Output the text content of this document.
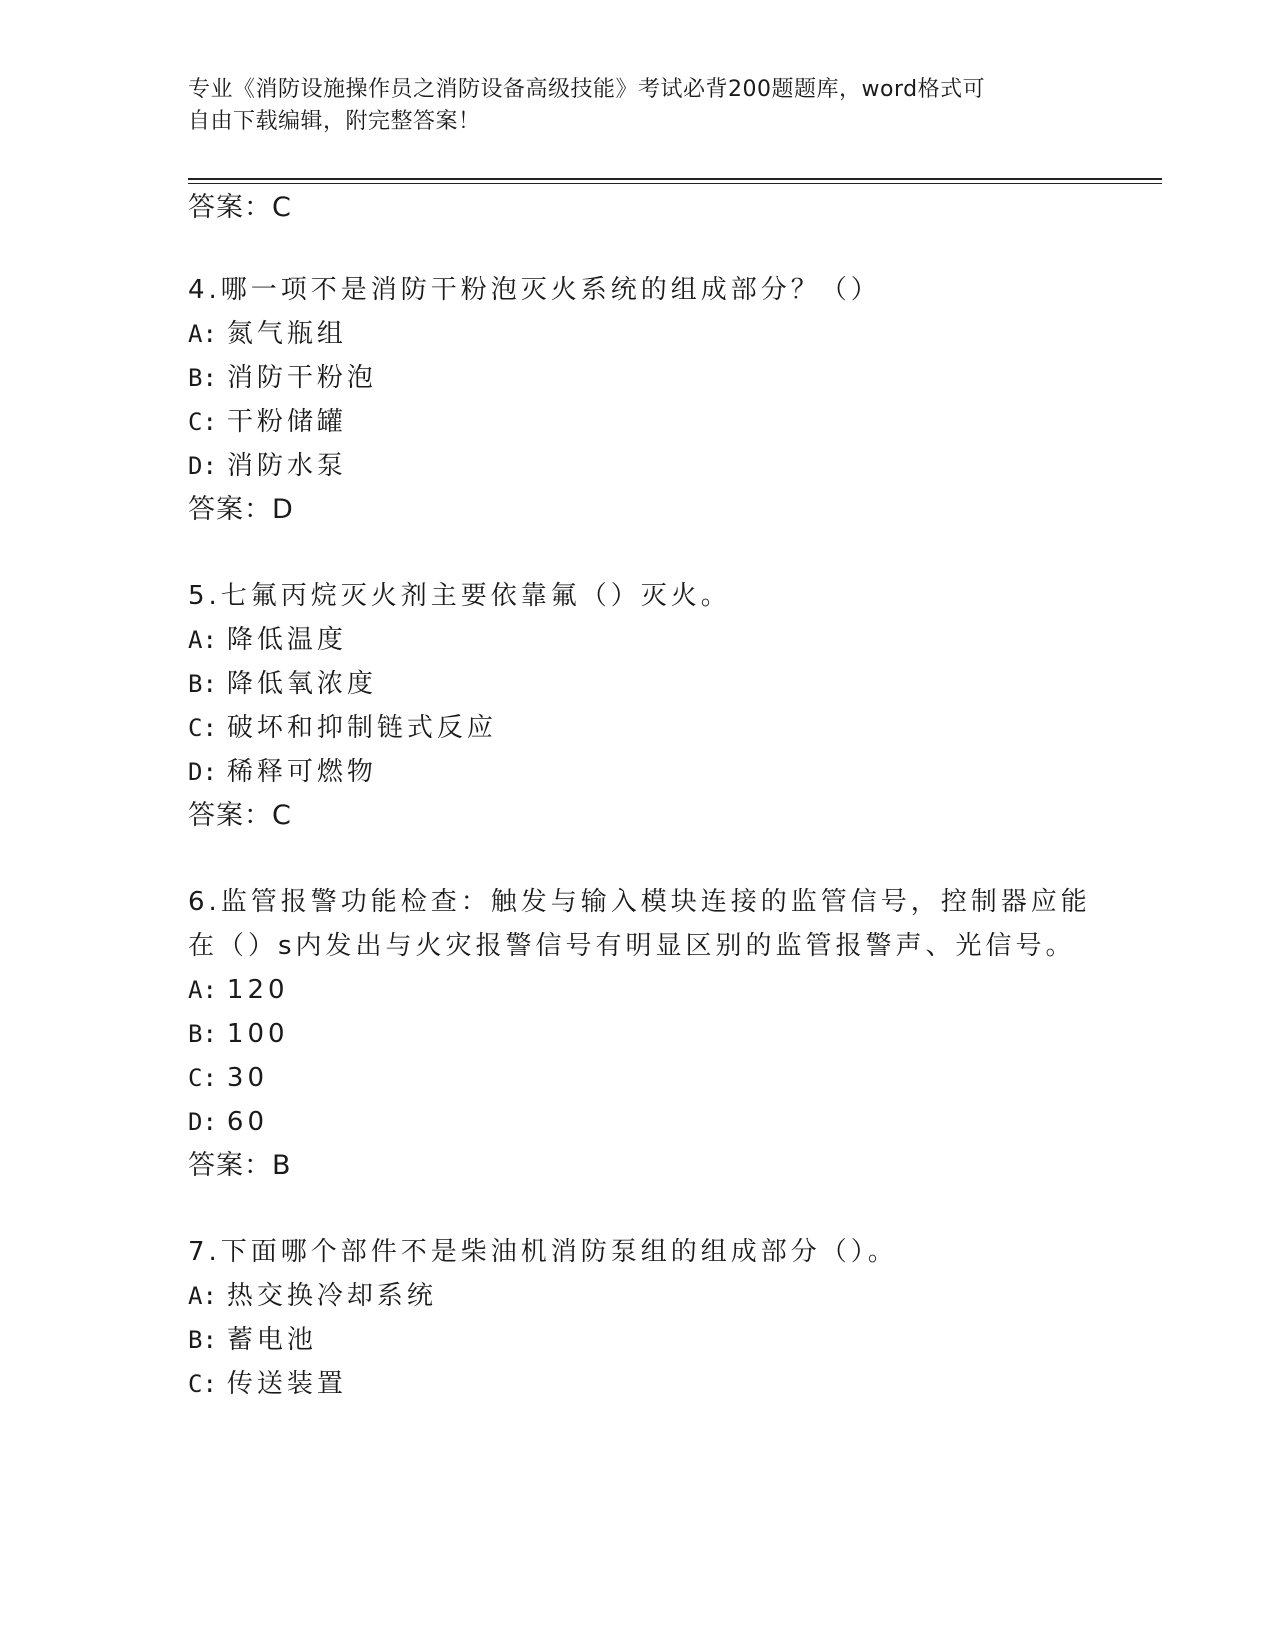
专业《消防设施操作员之消防设备高级技能》考试必背200题题库，word格式可
自由下载编辑，附完整答案！
答案：C
4.哪一项不是消防干粉泡灭火系统的组成部分？（）
A: 氮气瓶组
B: 消防干粉泡
C: 干粉储罐
D: 消防水泵
答案：D
5.七氟丙烷灭火剂主要依靠氟（）灭火。
A: 降低温度
B: 降低氧浓度
C: 破坏和抑制链式反应
D: 稀释可燃物
答案：C
6.监管报警功能检查：触发与输入模块连接的监管信号，控制器应能
在（）s内发出与火灾报警信号有明显区别的监管报警声、光信号。
A: 120
B: 100
C: 30
D: 60
答案：B
7.下面哪个部件不是柴油机消防泵组的组成部分（）。
A: 热交换冷却系统
B: 蓄电池
C: 传送装置
